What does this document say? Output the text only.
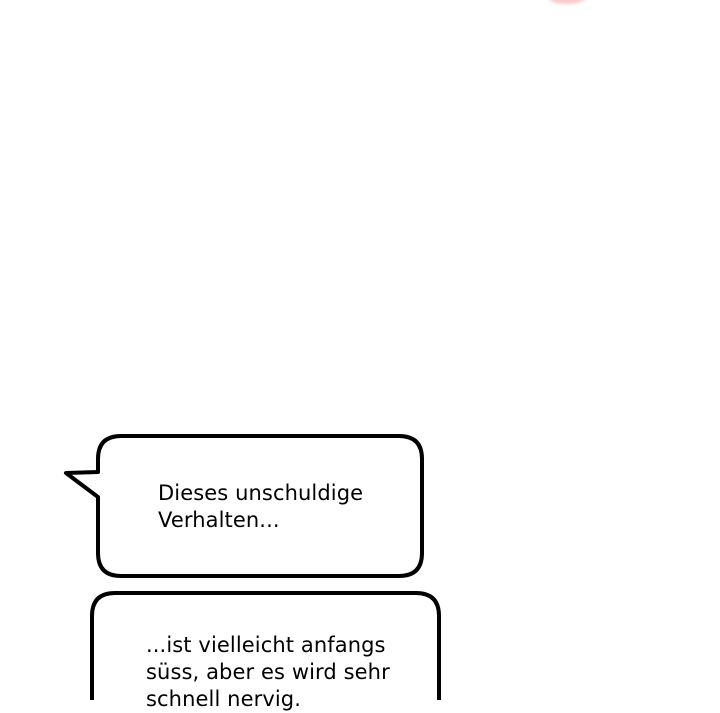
Dieses unschuldige
Verhalten...
...ist vielleicht anfangs
süss, aber es wird sehr
schnell nervig.
